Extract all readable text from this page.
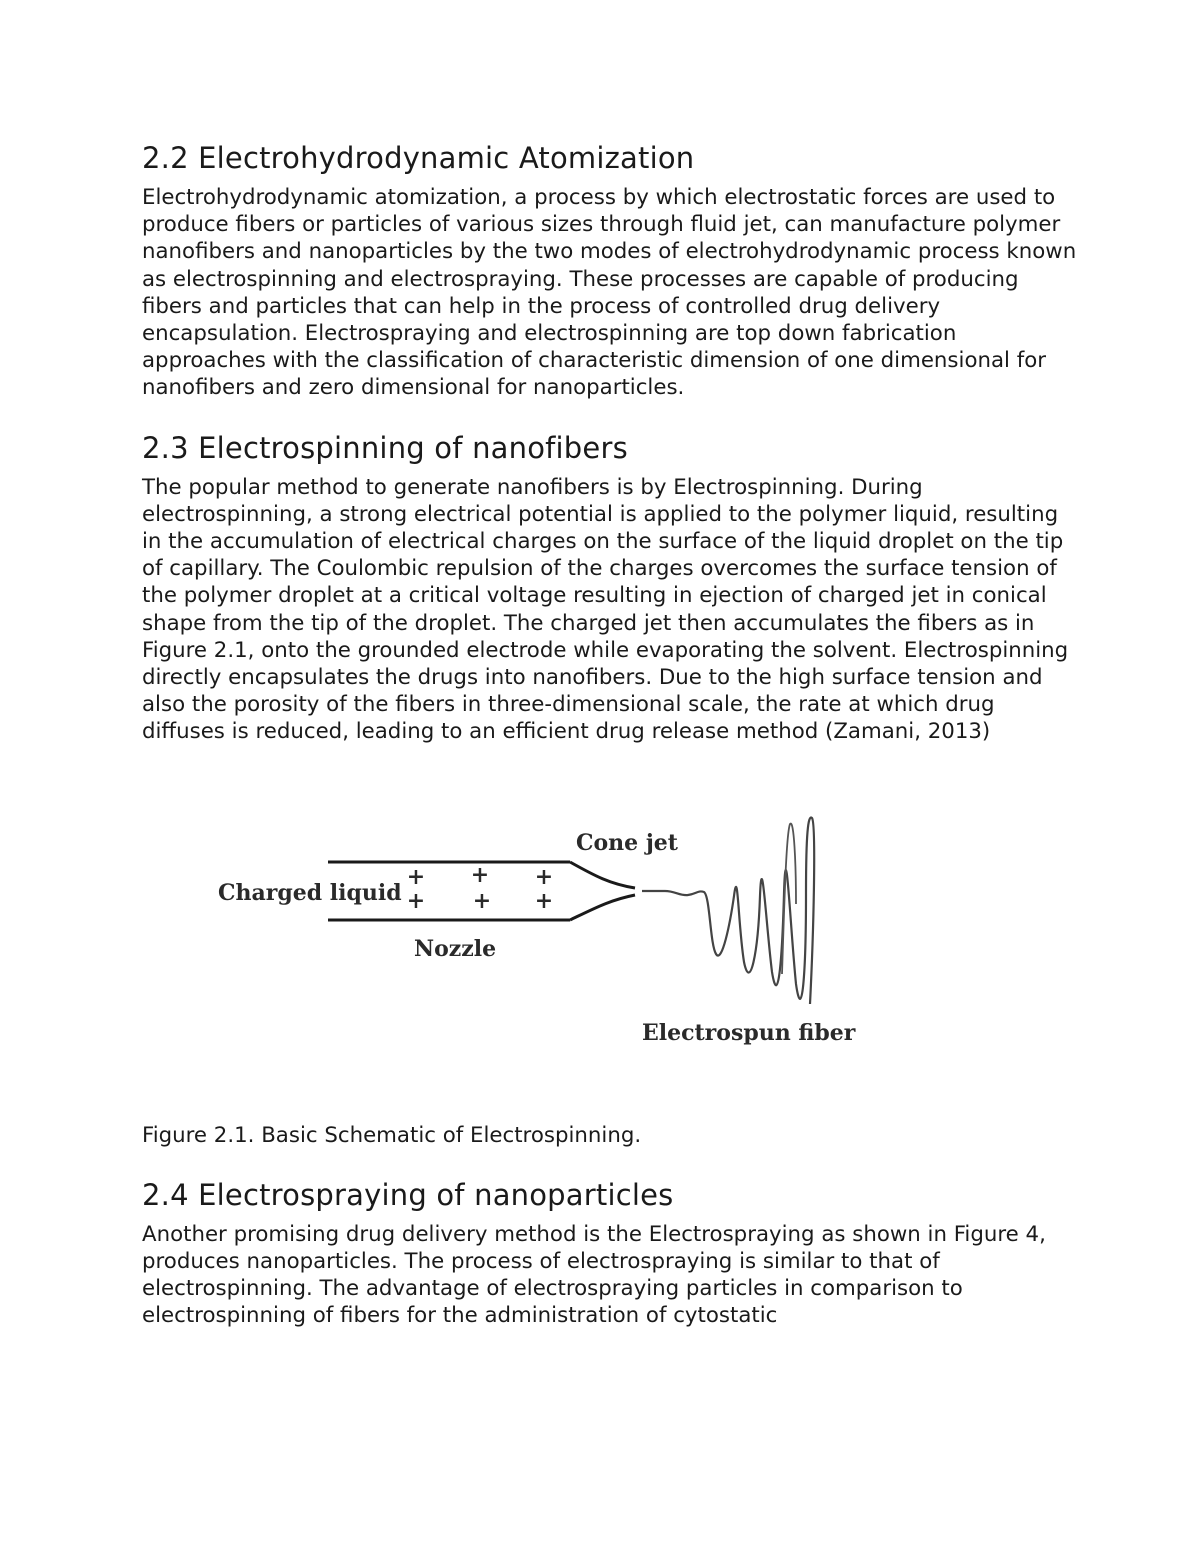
2.2 Electrohydrodynamic Atomization

Electrohydrodynamic atomization, a process by which electrostatic forces are used to produce fibers or particles of various sizes through fluid jet, can manufacture polymer nanofibers and nanoparticles by the two modes of electrohydrodynamic process known as electrospinning and electrospraying. These processes are capable of producing fibers and particles that can help in the process of controlled drug delivery encapsulation. Electrospraying and electrospinning are top down fabrication approaches with the classification of characteristic dimension of one dimensional for nanofibers and zero dimensional for nanoparticles.

2.3 Electrospinning of nanofibers

The popular method to generate nanofibers is by Electrospinning. During electrospinning, a strong electrical potential is applied to the polymer liquid, resulting in the accumulation of electrical charges on the surface of the liquid droplet on the tip of capillary. The Coulombic repulsion of the charges overcomes the surface tension of the polymer droplet at a critical voltage resulting in ejection of charged jet in conical shape from the tip of the droplet. The charged jet then accumulates the fibers as in Figure 2.1, onto the grounded electrode while evaporating the solvent. Electrospinning directly encapsulates the drugs into nanofibers. Due to the high surface tension and also the porosity of the fibers in three-dimensional scale, the rate at which drug diffuses is reduced, leading to an efficient drug release method (Zamani, 2013)

+
+
+
+
+
+
Charged liquid
Cone jet
Nozzle
Electrospun fiber

Figure 2.1. Basic Schematic of Electrospinning.

2.4 Electrospraying of nanoparticles

Another promising drug delivery method is the Electrospraying as shown in Figure 4, produces nanoparticles. The process of electrospraying is similar to that of electrospinning. The advantage of electrospraying particles in comparison to electrospinning of fibers for the administration of cytostatic
